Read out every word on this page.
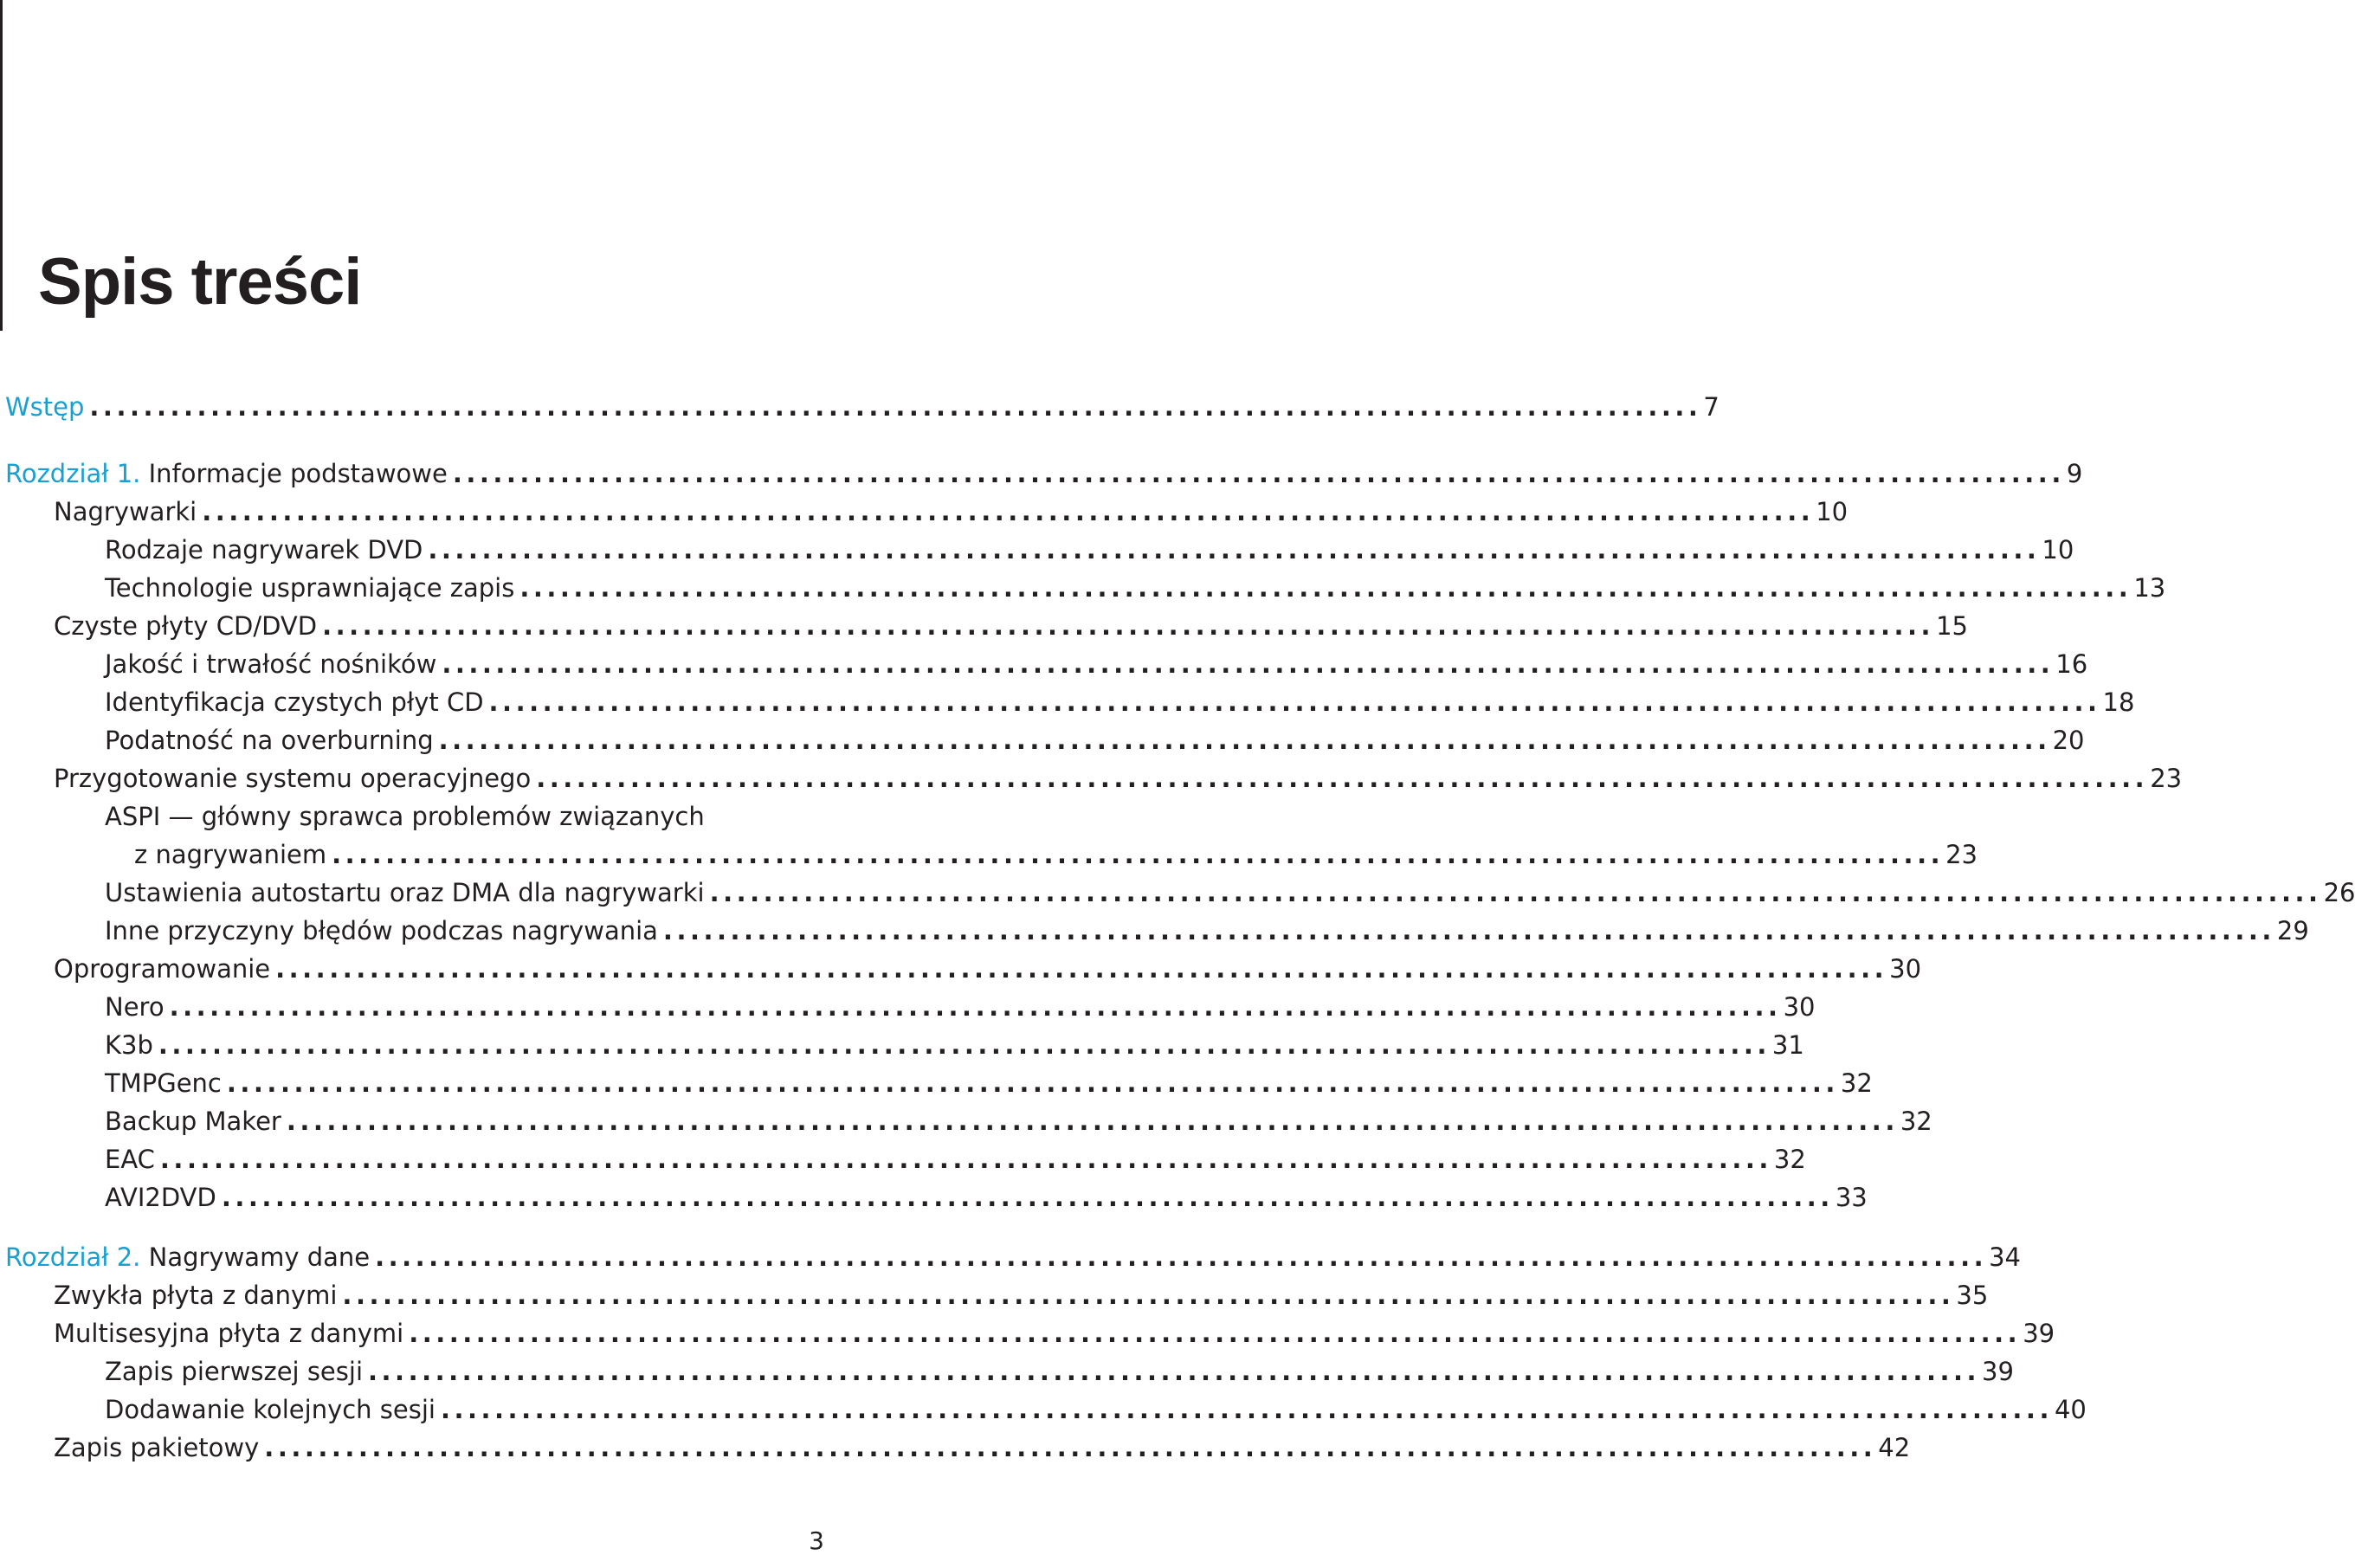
Spis treści
Wstęp ........................................................................................................................ 7
Rozdział 1. Informacje podstawowe ........................................................................................................................ 9
Nagrywarki ........................................................................................................................ 10
Rodzaje nagrywarek DVD ........................................................................................................................ 10
Technologie usprawniające zapis ........................................................................................................................ 13
Czyste płyty CD/DVD ........................................................................................................................ 15
Jakość i trwałość nośników ........................................................................................................................ 16
Identyfikacja czystych płyt CD ........................................................................................................................ 18
Podatność na overburning ........................................................................................................................ 20
Przygotowanie systemu operacyjnego ........................................................................................................................ 23
ASPI — główny sprawca problemów związanych
z nagrywaniem ........................................................................................................................ 23
Ustawienia autostartu oraz DMA dla nagrywarki ........................................................................................................................ 26
Inne przyczyny błędów podczas nagrywania ........................................................................................................................ 29
Oprogramowanie ........................................................................................................................ 30
Nero ........................................................................................................................ 30
K3b ........................................................................................................................ 31
TMPGenc ........................................................................................................................ 32
Backup Maker ........................................................................................................................ 32
EAC ........................................................................................................................ 32
AVI2DVD ........................................................................................................................ 33
Rozdział 2. Nagrywamy dane ........................................................................................................................ 34
Zwykła płyta z danymi ........................................................................................................................ 35
Multisesyjna płyta z danymi ........................................................................................................................ 39
Zapis pierwszej sesji ........................................................................................................................ 39
Dodawanie kolejnych sesji ........................................................................................................................ 40
Zapis pakietowy ........................................................................................................................ 42
3
